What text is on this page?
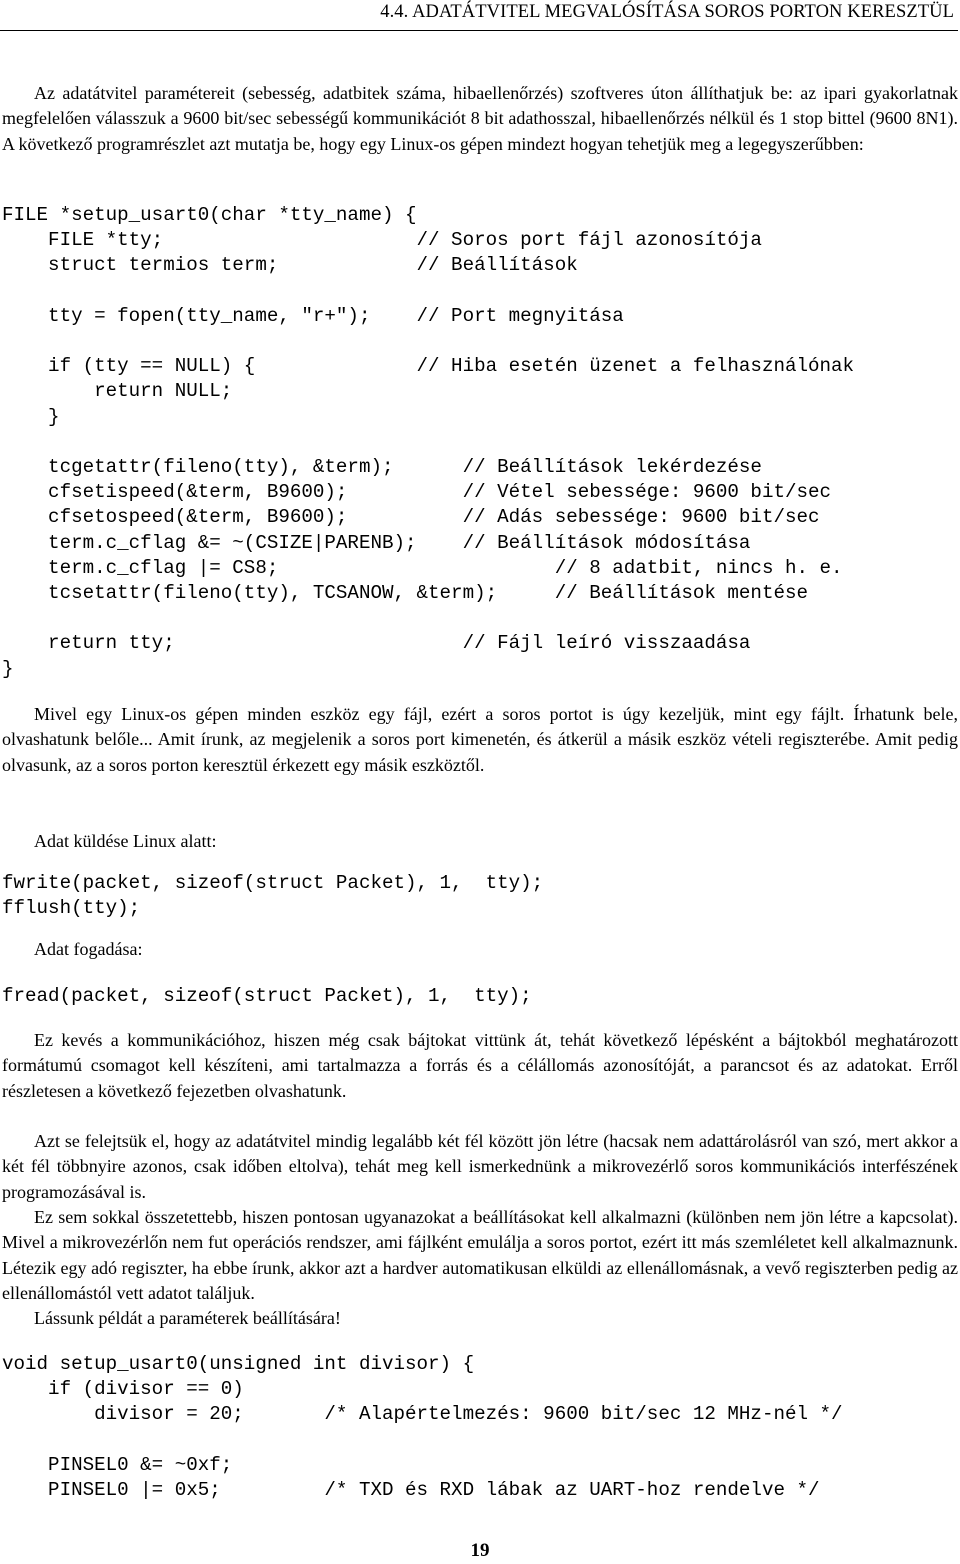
4.4. ADATÁTVITEL MEGVALÓSÍTÁSA SOROS PORTON KERESZTÜL

Az adatátvitel paramétereit (sebesség, adatbitek száma, hibaellenőrzés) szoftveres úton állíthatjuk be: az ipari gyakorlatnak megfelelően válasszuk a 9600 bit/sec sebességű kommunikációt 8 bit adathosszal, hibaellenőrzés nélkül és 1 stop bittel (9600 8N1). A következő programrészlet azt mutatja be, hogy egy Linux-os gépen mindezt hogyan tehetjük meg a legegyszerűbben:

FILE *setup_usart0(char *tty_name) {
FILE *tty;                      // Soros port fájl azonosítója
struct termios term;            // Beállítások

tty = fopen(tty_name, "r+");    // Port megnyitása

if (tty == NULL) {              // Hiba esetén üzenet a felhasználónak
return NULL;
}

tcgetattr(fileno(tty), &term);      // Beállítások lekérdezése
cfsetispeed(&term, B9600);          // Vétel sebessége: 9600 bit/sec
cfsetospeed(&term, B9600);          // Adás sebessége: 9600 bit/sec
term.c_cflag &= ~(CSIZE|PARENB);    // Beállítások módosítása
term.c_cflag |= CS8;                        // 8 adatbit, nincs h. e.
tcsetattr(fileno(tty), TCSANOW, &term);     // Beállítások mentése

return tty;                         // Fájl leíró visszaadása
}

Mivel egy Linux-os gépen minden eszköz egy fájl, ezért a soros portot is úgy kezeljük, mint egy fájlt. Írhatunk bele, olvashatunk belőle... Amit írunk, az megjelenik a soros port kimenetén, és átkerül a másik eszköz vételi regiszterébe. Amit pedig olvasunk, az a soros porton keresztül érkezett egy másik eszköztől.

Adat küldése Linux alatt:

fwrite(packet, sizeof(struct Packet), 1,  tty);
fflush(tty);

Adat fogadása:

fread(packet, sizeof(struct Packet), 1,  tty);

Ez kevés a kommunikációhoz, hiszen még csak bájtokat vittünk át, tehát következő lépésként a bájtokból meghatározott formátumú csomagot kell készíteni, ami tartalmazza a forrás és a célállomás azonosítóját, a parancsot és az adatokat. Erről részletesen a következő fejezetben olvashatunk.

Azt se felejtsük el, hogy az adatátvitel mindig legalább két fél között jön létre (hacsak nem adattárolásról van szó, mert akkor a két fél többnyire azonos, csak időben eltolva), tehát meg kell ismerkednünk a mikrovezérlő soros kommunikációs interfészének programozásával is.

Ez sem sokkal összetettebb, hiszen pontosan ugyanazokat a beállításokat kell alkalmazni (különben nem jön létre a kapcsolat). Mivel a mikrovezérlőn nem fut operációs rendszer, ami fájlként emulálja a soros portot, ezért itt más szemléletet kell alkalmaznunk. Létezik egy adó regiszter, ha ebbe írunk, akkor azt a hardver automatikusan elküldi az ellenállomásnak, a vevő regiszterben pedig az ellenállomástól vett adatot találjuk.

Lássunk példát a paraméterek beállítására!

void setup_usart0(unsigned int divisor) {
if (divisor == 0)
divisor = 20;       /* Alapértelmezés: 9600 bit/sec 12 MHz-nél */

PINSEL0 &= ~0xf;
PINSEL0 |= 0x5;         /* TXD és RXD lábak az UART-hoz rendelve */
19
